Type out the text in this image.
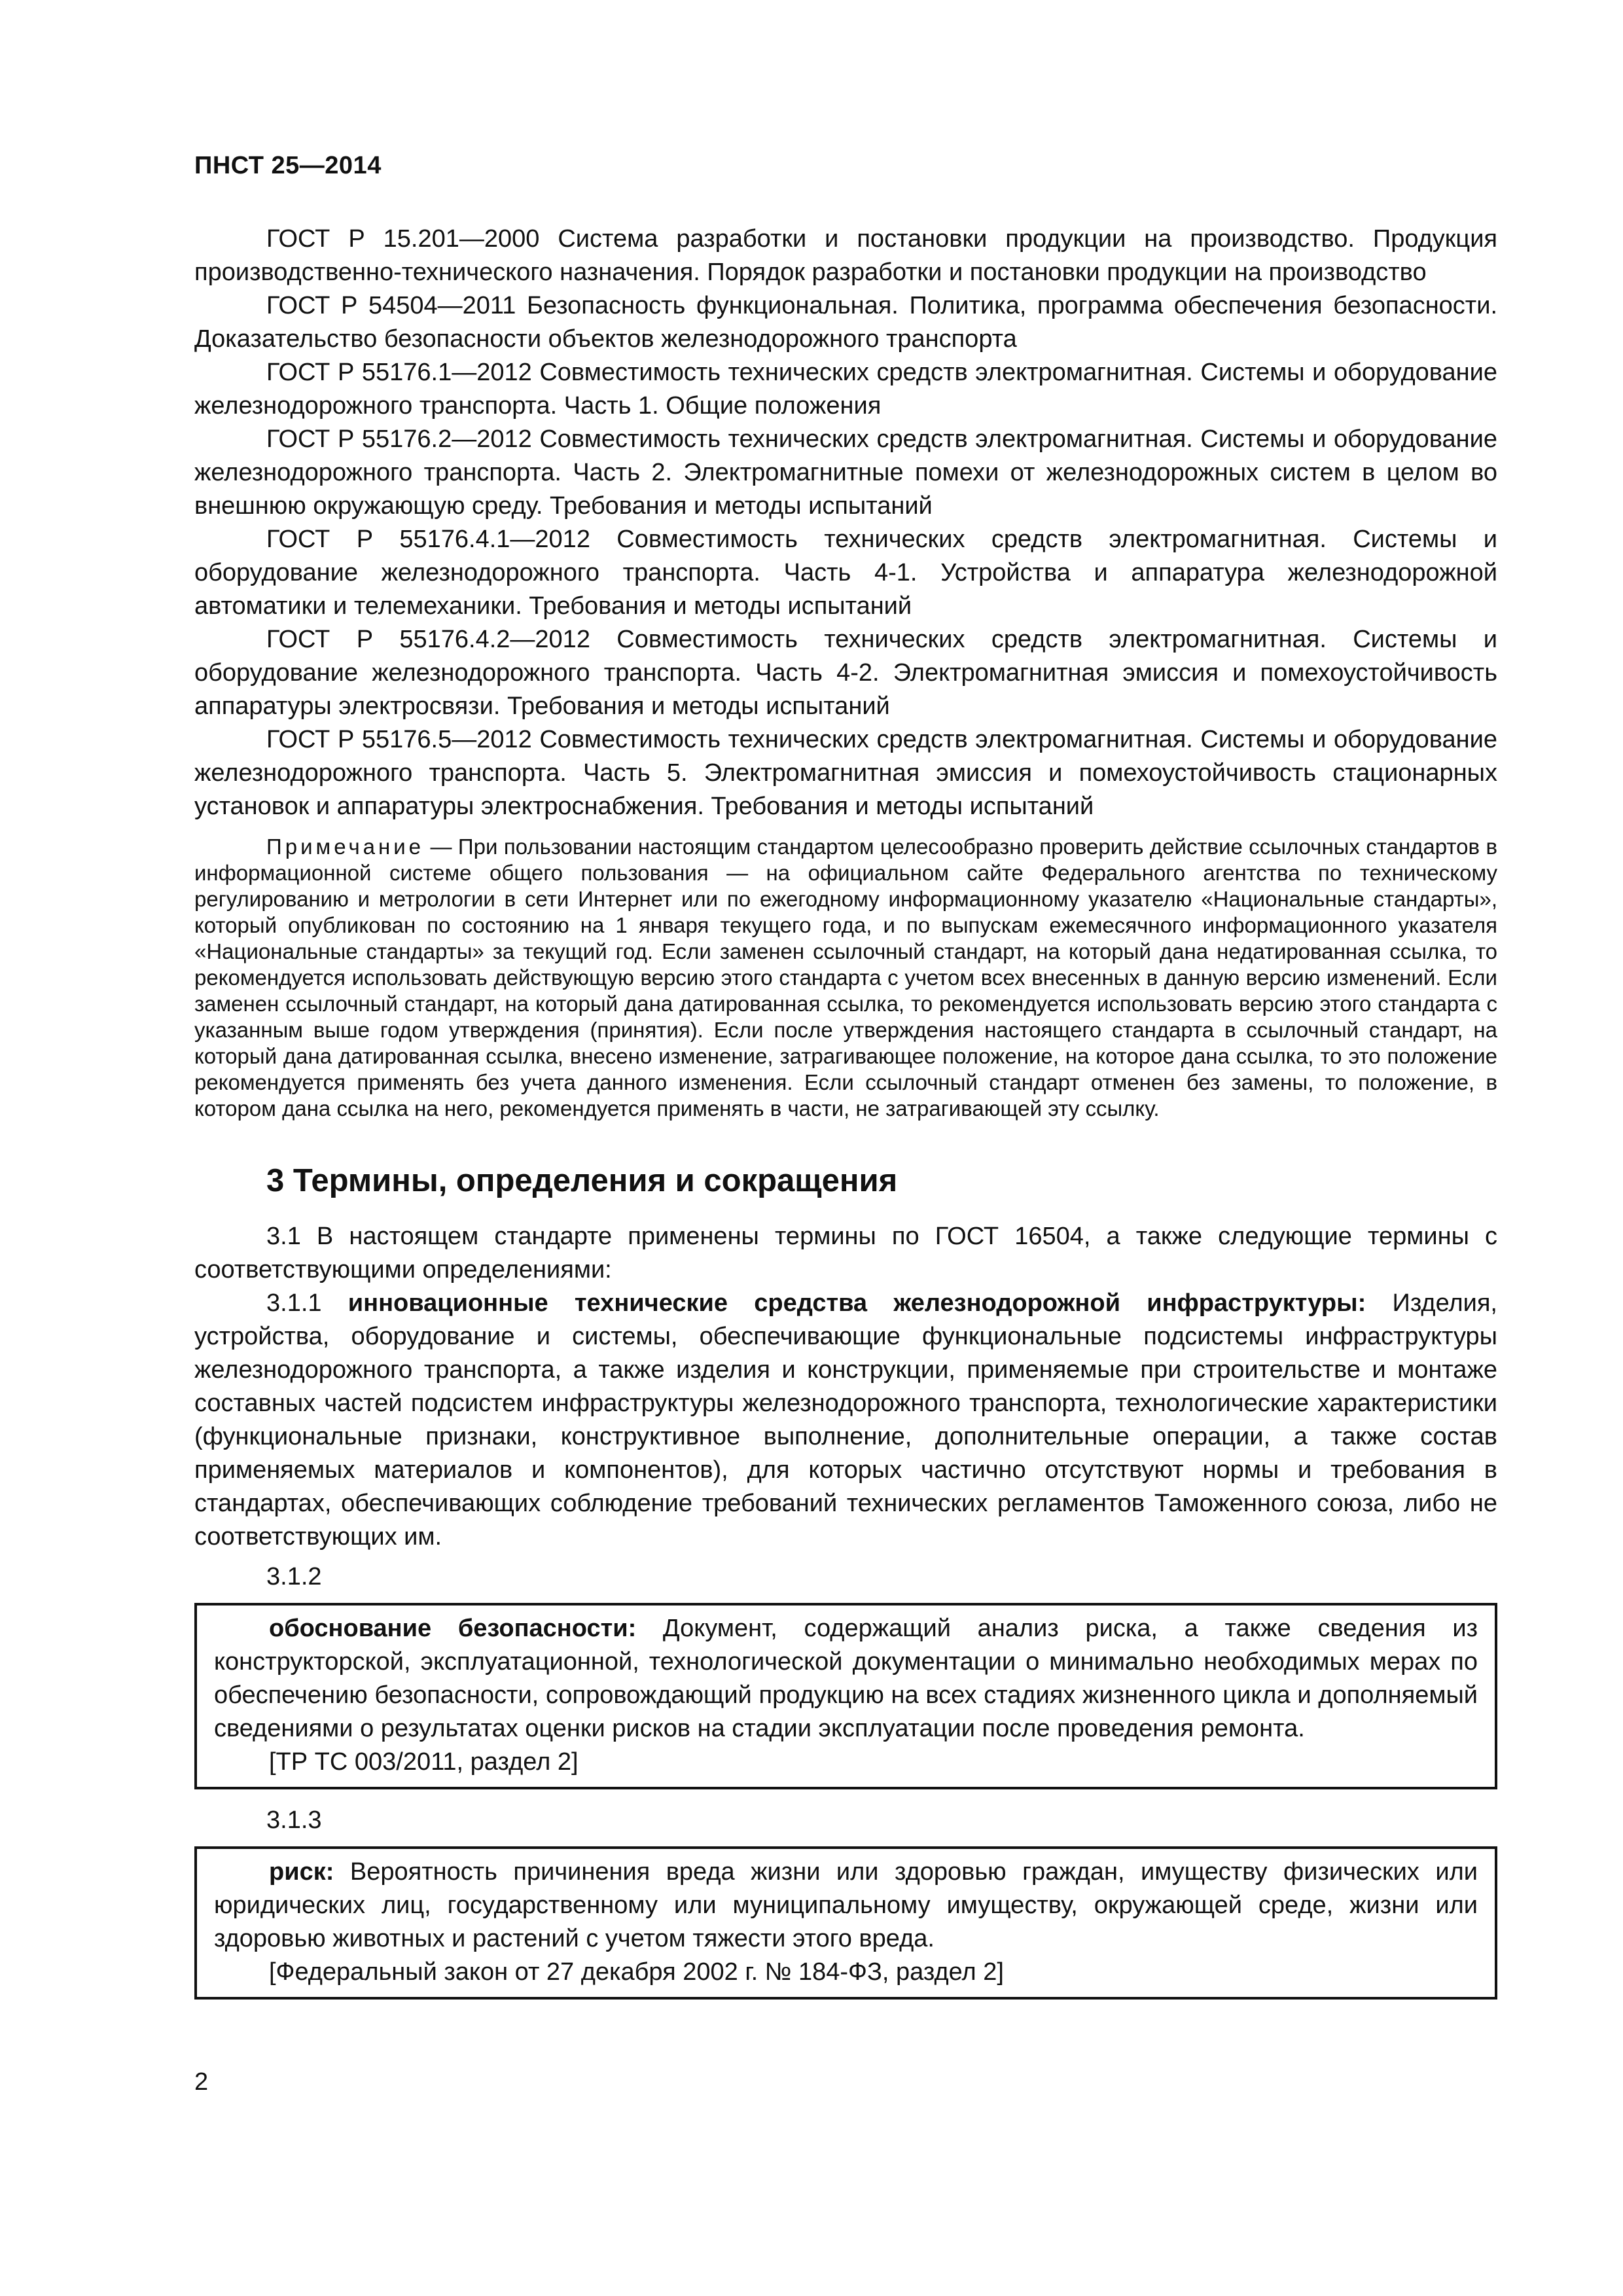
ПНСТ 25—2014

ГОСТ Р 15.201—2000 Система разработки и постановки продукции на производство. Продукция производственно-технического назначения. Порядок разработки и постановки продукции на производство

ГОСТ Р 54504—2011 Безопасность функциональная. Политика, программа обеспечения безопасности. Доказательство безопасности объектов железнодорожного транспорта

ГОСТ Р 55176.1—2012 Совместимость технических средств электромагнитная. Системы и оборудование железнодорожного транспорта. Часть 1. Общие положения

ГОСТ Р 55176.2—2012 Совместимость технических средств электромагнитная. Системы и оборудование железнодорожного транспорта. Часть 2. Электромагнитные помехи от железнодорожных систем в целом во внешнюю окружающую среду. Требования и методы испытаний

ГОСТ Р 55176.4.1—2012 Совместимость технических средств электромагнитная. Системы и оборудование железнодорожного транспорта. Часть 4-1. Устройства и аппаратура железнодорожной автоматики и телемеханики. Требования и методы испытаний

ГОСТ Р 55176.4.2—2012 Совместимость технических средств электромагнитная. Системы и оборудование железнодорожного транспорта. Часть 4-2. Электромагнитная эмиссия и помехоустойчивость аппаратуры электросвязи. Требования и методы испытаний

ГОСТ Р 55176.5—2012 Совместимость технических средств электромагнитная. Системы и оборудование железнодорожного транспорта. Часть 5. Электромагнитная эмиссия и помехоустойчивость стационарных установок и аппаратуры электроснабжения. Требования и методы испытаний

Примечание — При пользовании настоящим стандартом целесообразно проверить действие ссылочных стандартов в информационной системе общего пользования — на официальном сайте Федерального агентства по техническому регулированию и метрологии в сети Интернет или по ежегодному информационному указателю «Национальные стандарты», который опубликован по состоянию на 1 января текущего года, и по выпускам ежемесячного информационного указателя «Национальные стандарты» за текущий год. Если заменен ссылочный стандарт, на который дана недатированная ссылка, то рекомендуется использовать действующую версию этого стандарта с учетом всех внесенных в данную версию изменений. Если заменен ссылочный стандарт, на который дана датированная ссылка, то рекомендуется использовать версию этого стандарта с указанным выше годом утверждения (принятия). Если после утверждения настоящего стандарта в ссылочный стандарт, на который дана датированная ссылка, внесено изменение, затрагивающее положение, на которое дана ссылка, то это положение рекомендуется применять без учета данного изменения. Если ссылочный стандарт отменен без замены, то положение, в котором дана ссылка на него, рекомендуется применять в части, не затрагивающей эту ссылку.

3 Термины, определения и сокращения

3.1 В настоящем стандарте применены термины по ГОСТ 16504, а также следующие термины с соответствующими определениями:

3.1.1 инновационные технические средства железнодорожной инфраструктуры: Изделия, устройства, оборудование и системы, обеспечивающие функциональные подсистемы инфраструктуры железнодорожного транспорта, а также изделия и конструкции, применяемые при строительстве и монтаже составных частей подсистем инфраструктуры железнодорожного транспорта, технологические характеристики (функциональные признаки, конструктивное выполнение, дополнительные операции, а также состав применяемых материалов и компонентов), для которых частично отсутствуют нормы и требования в стандартах, обеспечивающих соблюдение требований технических регламентов Таможенного союза, либо не соответствующих им.

3.1.2

обоснование безопасности: Документ, содержащий анализ риска, а также сведения из конструкторской, эксплуатационной, технологической документации о минимально необходимых мерах по обеспечению безопасности, сопровождающий продукцию на всех стадиях жизненного цикла и дополняемый сведениями о результатах оценки рисков на стадии эксплуатации после проведения ремонта.

[ТР ТС 003/2011, раздел 2]

3.1.3

риск: Вероятность причинения вреда жизни или здоровью граждан, имуществу физических или юридических лиц, государственному или муниципальному имуществу, окружающей среде, жизни или здоровью животных и растений с учетом тяжести этого вреда.

[Федеральный закон от 27 декабря 2002 г. № 184-ФЗ, раздел 2]

2
